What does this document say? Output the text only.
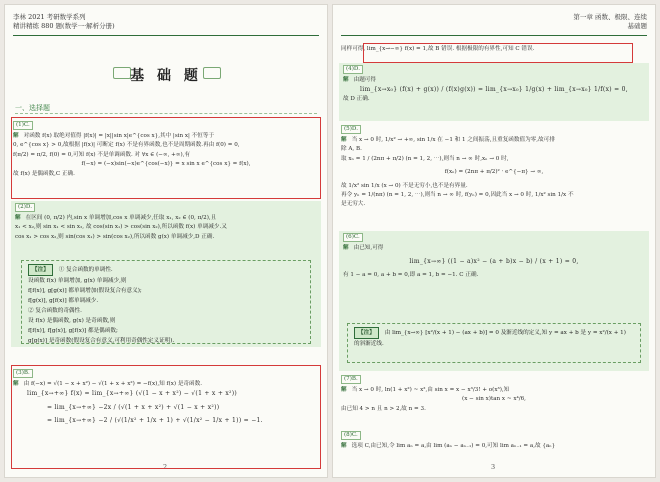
李林 2021 考研数学系列
精讲精练 880 题(数学一·解析分册)
基 础 题
一、选择题
(1)C.
解 对函数 f(x) 取绝对值得 |f(x)| = |x||sin x|e^{cos x},其中 |sin x| 不恒等于
0, e^{cos x} > 0,故根据 |f(x)| 可断定 f(x) 不是有界函数,也不是周期函数.再由 f(0) = 0,
f(π/2) = π/2, f(0) = 0,可知 f(x) 不是单调函数. 对 ∀x ∈ (−∞, +∞),有
f(−x) = (−x)sin(−x)e^{cos(−x)} = x sin x e^{cos x} = f(x),
故 f(x) 是偶函数,C 正确.
(2)D.
解 在区间 (0, π/2) 内,sin x 单调增加,cos x 单调减少,任取 x₁, x₂ ∈ (0, π/2),且
x₁ < x₂,则 sin x₁ < sin x₂, 故 cos(sin x₁) > cos(sin x₂),所以函数 f(x) 单调减少.又
cos x₁ > cos x₂,则 sin(cos x₁) > sin(cos x₂),所以函数 g(x) 单调减少,D 正确.
【注】 ① 复合函数的单调性.
设函数 f(x) 单调增加, g(x) 单调减少,则
f[f(x)], g[g(x)] 都单调增加(假设复合有意义);
f[g(x)], g[f(x)] 都单调减少.
② 复合函数的奇偶性.
设 f(x) 是偶函数, g(x) 是奇函数,则
f[f(x)], f[g(x)], g[f(x)] 都是偶函数;
g[g(x)] 是奇函数(假设复合有意义,可利用奇偶性定义证明).
(3)B.
解 由 f(−x) = √(1 − x + x²) − √(1 + x + x²) = −f(x),知 f(x) 是奇函数.
lim_{x→+∞} f(x) = lim_{x→+∞} (√(1 − x + x²) − √(1 + x + x²))
= lim_{x→+∞} −2x / (√(1 + x + x²) + √(1 − x + x²))
= lim_{x→+∞} −2 / (√(1/x² + 1/x + 1) + √(1/x² − 1/x + 1)) = −1.
2
第一章 函数、极限、连续
基础题
同样可得, lim_{x→−∞} f(x) = 1,故 B 错误. 根据极限的有界性,可知 C 错误.
(4)D.
解 由题可得
lim_{x→x₀} (f(x) + g(x)) / (f(x)g(x)) = lim_{x→x₀} 1/g(x) + lim_{x→x₀} 1/f(x) = 0,
故 D 正确.
(5)D.
解 当 x → 0 时, 1/x² → +∞, sin 1/x 在 −1 和 1 之间振荡,且重复函数值为零,故可排
除 A, B.
取 xₙ = 1 / (2nπ + π/2) (n = 1, 2, ⋯),则当 n → ∞ 时,xₙ → 0 时,
f(xₙ) = (2nπ + π/2)² · e^{−π} → ∞,
故 1/x² sin 1/x (x → 0) 不是无穷小,也不是有界量.
再令 yₙ = 1/(nπ) (n = 1, 2, ⋯),则当 n → ∞ 时, f(yₙ) = 0,因此当 x → 0 时, 1/x² sin 1/x 不
是无穷大.
(6)C.
解 由已知,可得
lim_{x→∞} ((1 − a)x² − (a + b)x − b) / (x + 1) = 0,
有 1 − a = 0, a + b = 0,即 a = 1, b = −1. C 正确.
【注】 由 lim_{x→∞} [x²/(x + 1) − (ax + b)] = 0 及渐近线的定义,知 y = ax + b 是 y = x²/(x + 1)
的斜渐近线.
(7)B.
解 当 x → 0 时, ln(1 + x²) ~ x²,由 sin x = x − x³/3! + o(x³),知
(x − sin x)tan x ~ x⁴/6,
由已知 4 > n 且 n > 2,故 n = 3.
(8)C.
解 选项 C,由已知,令 lim aₙ = a,由 lim (aₙ − aₙ₋₁) = 0,可知 lim aₙ₋₁ = a,故 {aₙ}
3
